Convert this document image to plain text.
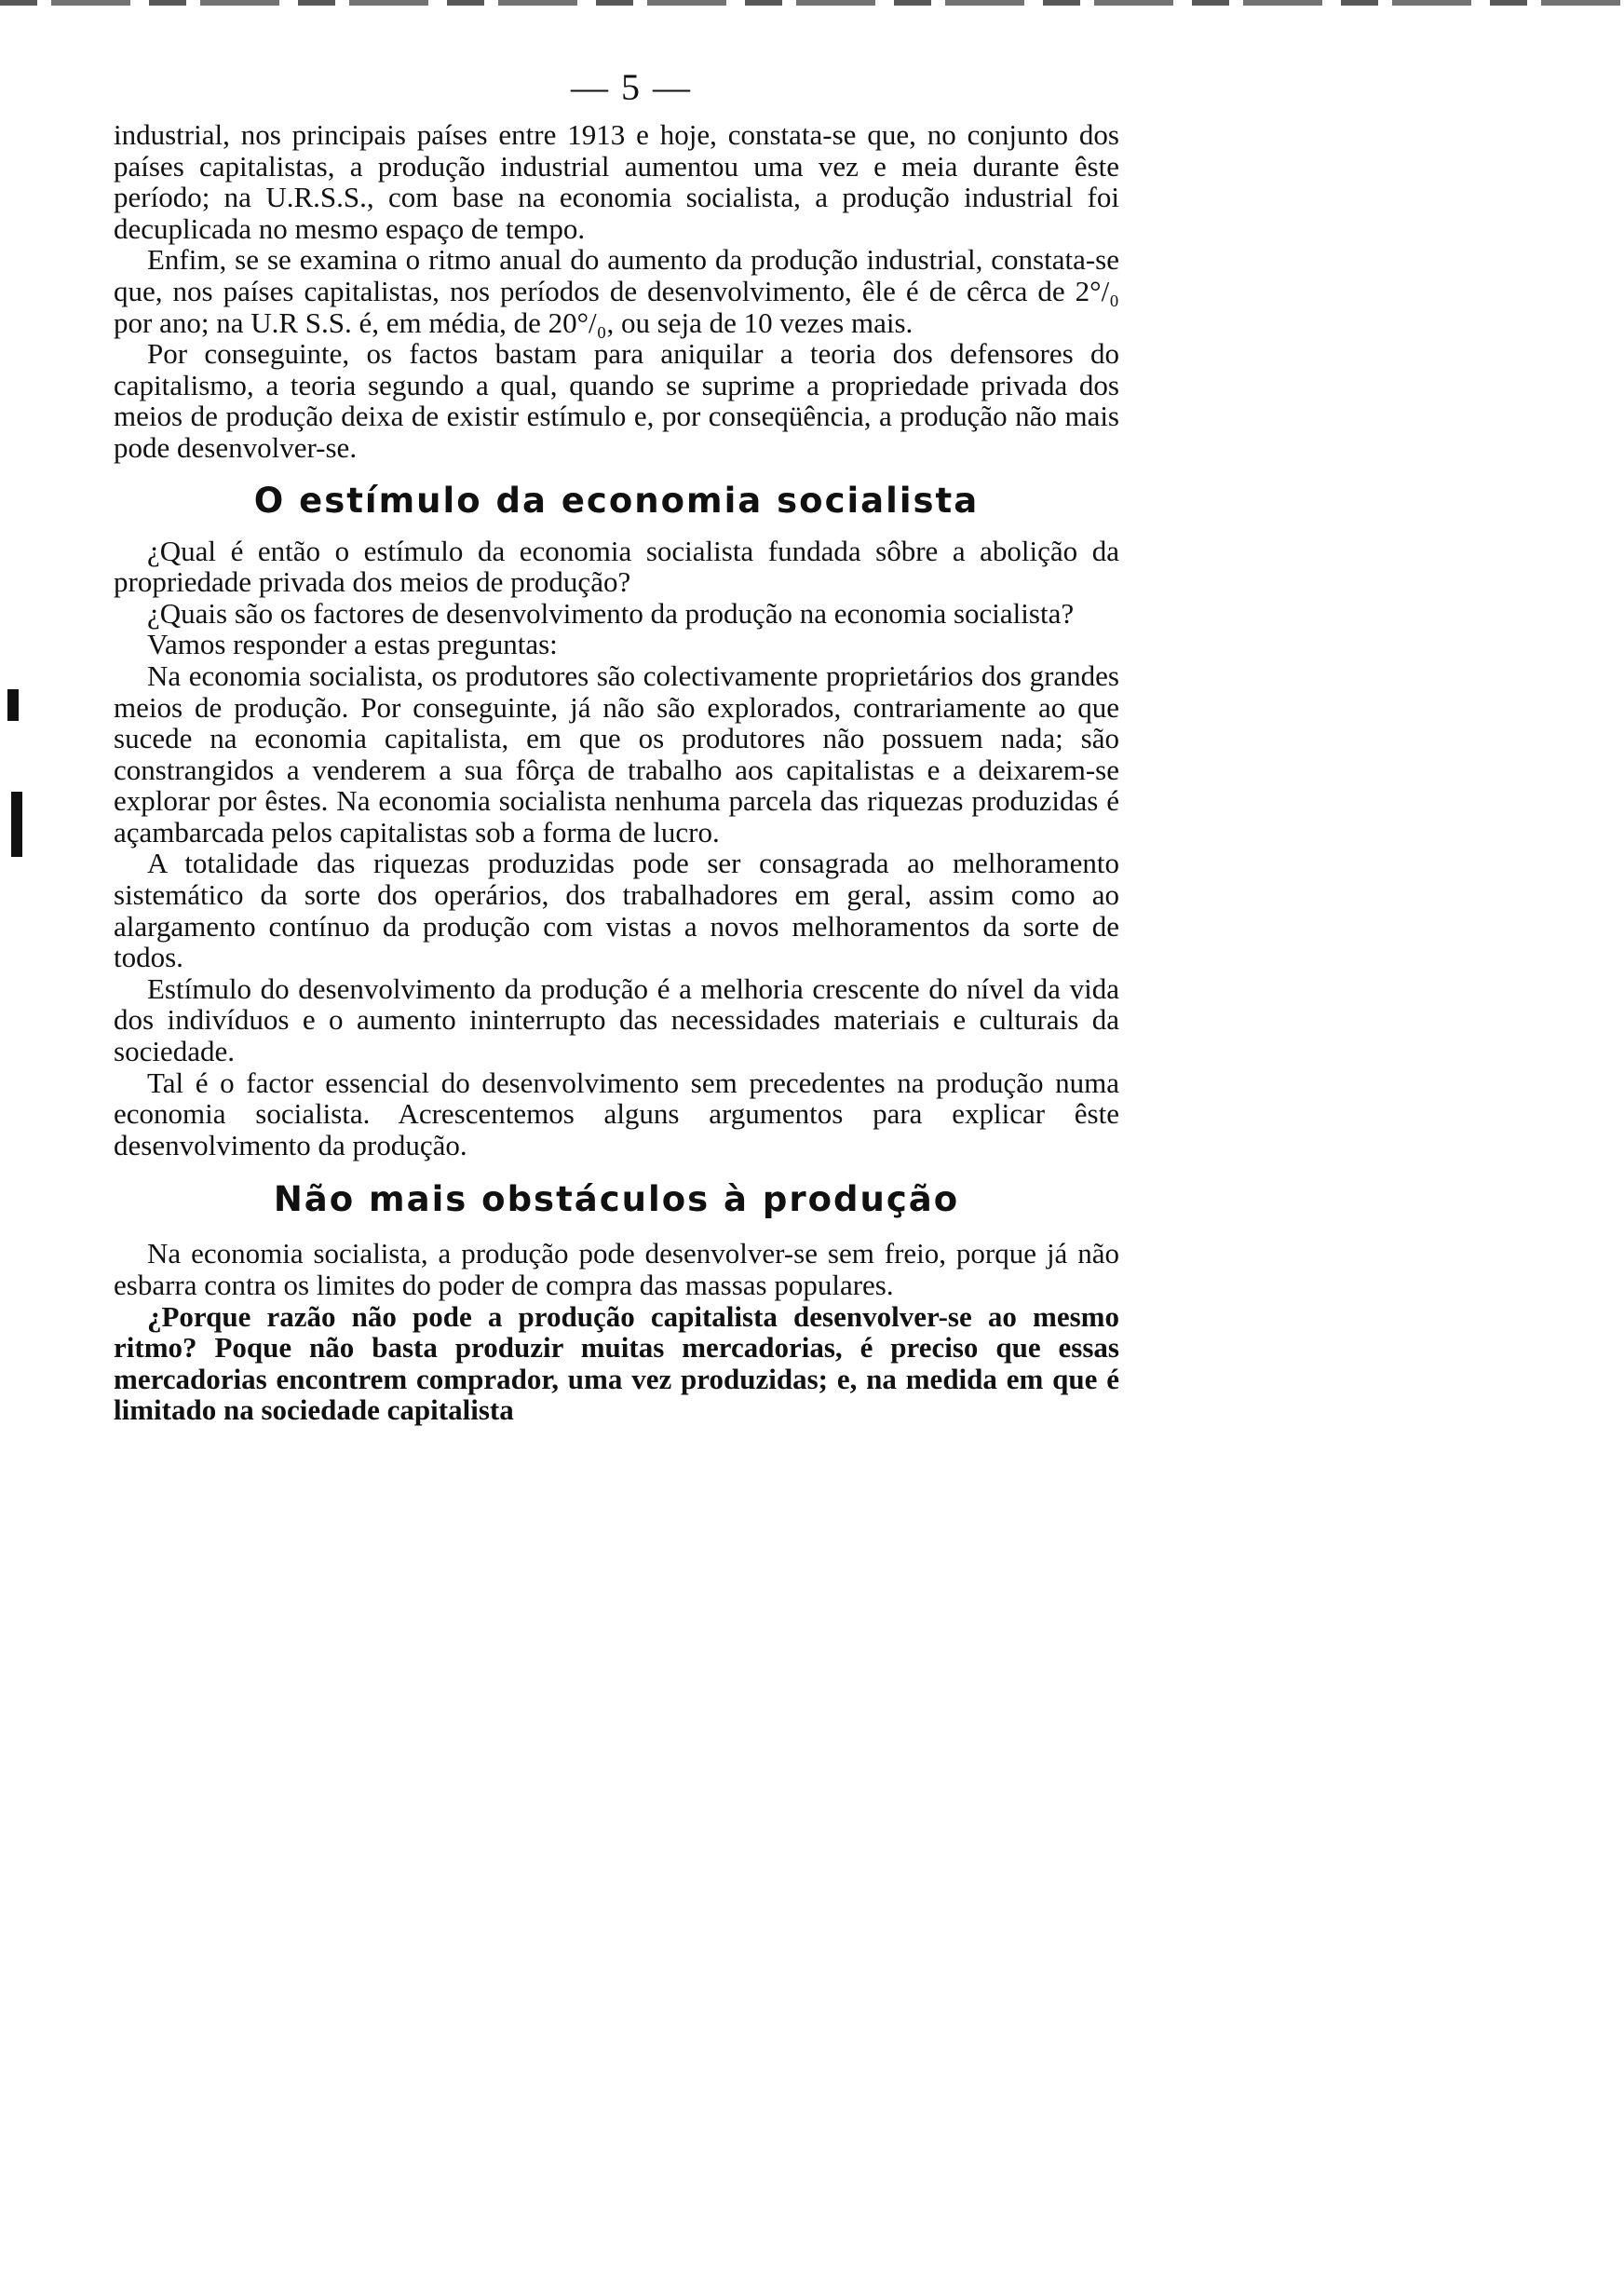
— 5 —

industrial, nos principais países entre 1913 e hoje, constata-se que, no conjunto dos países capitalistas, a produção industrial aumentou uma vez e meia durante êste período; na U.R.S.S., com base na economia socialista, a produção industrial foi decuplicada no mesmo espaço de tempo.

Enfim, se se examina o ritmo anual do aumento da produção industrial, constata-se que, nos países capitalistas, nos períodos de desenvolvimento, êle é de cêrca de 2°/₀ por ano; na U.R S.S. é, em média, de 20°/₀, ou seja de 10 vezes mais.

Por conseguinte, os factos bastam para aniquilar a teoria dos defensores do capitalismo, a teoria segundo a qual, quando se suprime a propriedade privada dos meios de produção deixa de existir estímulo e, por conseqüência, a produção não mais pode desenvolver-se.

O estímulo da economia socialista

¿Qual é então o estímulo da economia socialista fundada sôbre a abolição da propriedade privada dos meios de produção?

¿Quais são os factores de desenvolvimento da produção na economia socialista?

Vamos responder a estas preguntas:

Na economia socialista, os produtores são colectivamente proprietários dos grandes meios de produção. Por conseguinte, já não são explorados, contrariamente ao que sucede na economia capitalista, em que os produtores não possuem nada; são constrangidos a venderem a sua fôrça de trabalho aos capitalistas e a deixarem-se explorar por êstes. Na economia socialista nenhuma parcela das riquezas produzidas é açambarcada pelos capitalistas sob a forma de lucro.

A totalidade das riquezas produzidas pode ser consagrada ao melhoramento sistemático da sorte dos operários, dos trabalhadores em geral, assim como ao alargamento contínuo da produção com vistas a novos melhoramentos da sorte de todos.

Estímulo do desenvolvimento da produção é a melhoria crescente do nível da vida dos indivíduos e o aumento ininterrupto das necessidades materiais e culturais da sociedade.

Tal é o factor essencial do desenvolvimento sem precedentes na produção numa economia socialista. Acrescentemos alguns argumentos para explicar êste desenvolvimento da produção.

Não mais obstáculos à produção

Na economia socialista, a produção pode desenvolver-se sem freio, porque já não esbarra contra os limites do poder de compra das massas populares.

¿Porque razão não pode a produção capitalista desenvolver-se ao mesmo ritmo? Poque não basta produzir muitas mercadorias, é preciso que essas mercadorias encontrem comprador, uma vez produzidas; e, na medida em que é limitado na sociedade capitalista
